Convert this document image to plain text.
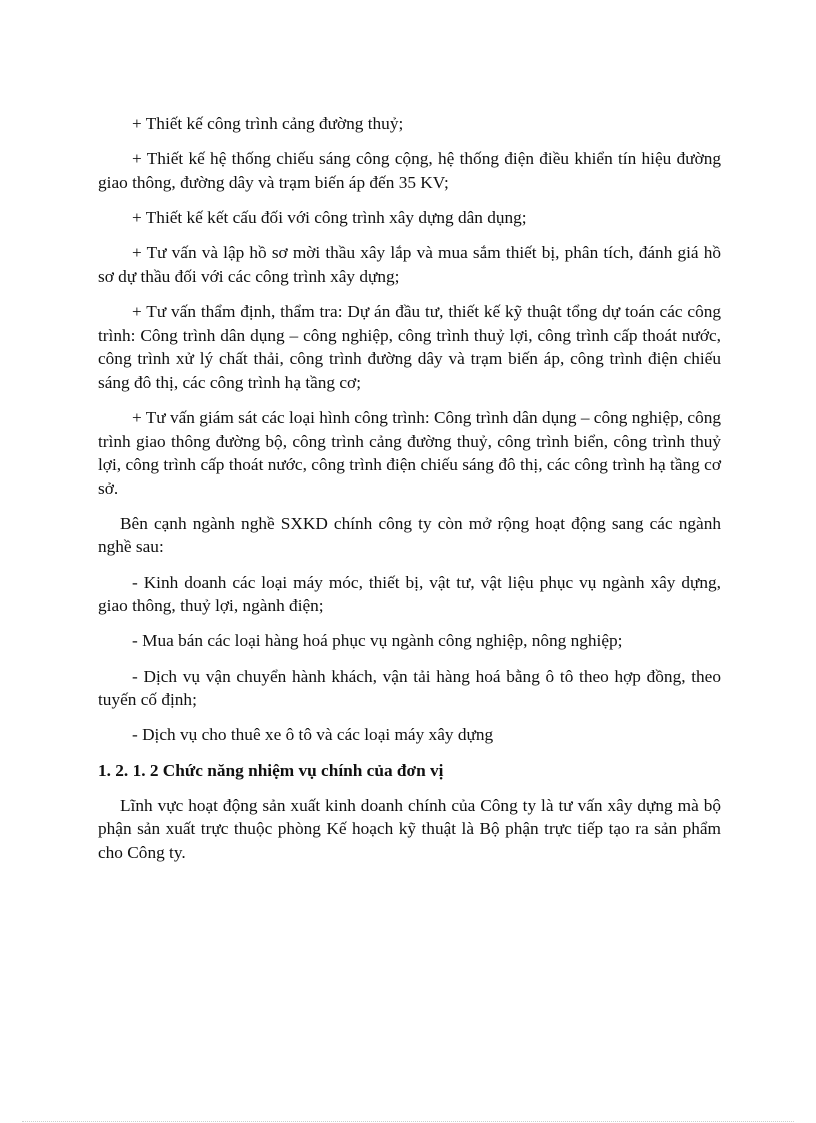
+ Thiết kế công trình cảng đường thuỷ;

+ Thiết kế hệ thống chiếu sáng công cộng, hệ thống điện điều khiển tín hiệu đường giao thông, đường dây và trạm biến áp đến 35 KV;

+ Thiết kế kết cấu đối với công trình xây dựng dân dụng;

+ Tư vấn và lập hồ sơ mời thầu xây lắp và mua sắm thiết bị, phân tích, đánh giá hồ sơ dự thầu đối với các công trình xây dựng;

+ Tư vấn thẩm định, thẩm tra: Dự án đầu tư, thiết kế kỹ thuật tổng dự toán các công trình: Công trình dân dụng – công nghiệp, công trình thuỷ lợi, công trình cấp thoát nước, công trình xử lý chất thải, công trình đường dây và trạm biến áp, công trình điện chiếu sáng đô thị, các công trình hạ tầng cơ;

+ Tư vấn giám sát các loại hình công trình: Công trình dân dụng – công nghiệp, công trình giao thông đường bộ, công trình cảng đường thuỷ, công trình biển, công trình thuỷ lợi, công trình cấp thoát nước, công trình điện chiếu sáng đô thị, các công trình hạ tầng cơ sở.

Bên cạnh ngành nghề SXKD chính công ty còn mở rộng hoạt động sang các ngành nghề sau:

- Kinh doanh các loại máy móc, thiết bị, vật tư, vật liệu phục vụ ngành xây dựng, giao thông, thuỷ lợi, ngành điện;

- Mua bán các loại hàng hoá phục vụ ngành công nghiệp, nông nghiệp;

- Dịch vụ vận chuyển hành khách, vận tải hàng hoá bằng ô tô theo hợp đồng, theo tuyến cố định;

- Dịch vụ cho thuê xe ô tô và các loại máy xây dựng

1. 2. 1. 2 Chức năng nhiệm vụ chính của đơn vị

Lĩnh vực hoạt động sản xuất kinh doanh chính của Công ty là tư vấn xây dựng mà bộ phận sản xuất trực thuộc phòng Kế hoạch kỹ thuật là Bộ phận trực tiếp tạo ra sản phẩm cho Công ty.
